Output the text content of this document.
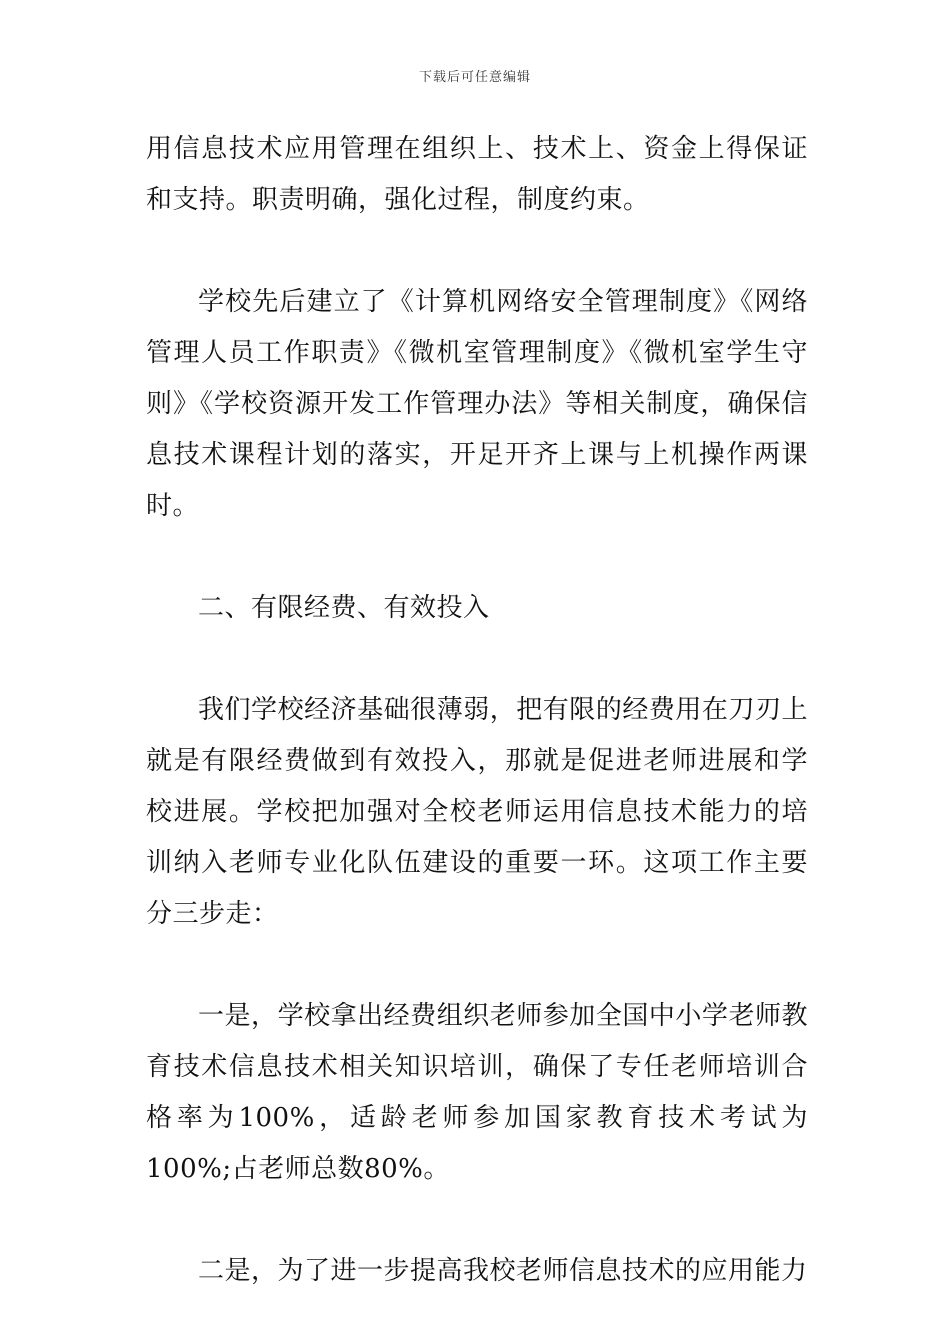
下载后可任意编辑

用信息技术应用管理在组织上、技术上、资金上得保证和支持。职责明确，强化过程，制度约束。

学校先后建立了《计算机网络安全管理制度》《网络管理人员工作职责》《微机室管理制度》《微机室学生守则》《学校资源开发工作管理办法》等相关制度，确保信息技术课程计划的落实，开足开齐上课与上机操作两课时。

二、有限经费、有效投入

我们学校经济基础很薄弱，把有限的经费用在刀刃上就是有限经费做到有效投入，那就是促进老师进展和学校进展。学校把加强对全校老师运用信息技术能力的培训纳入老师专业化队伍建设的重要一环。这项工作主要分三步走：

一是，学校拿出经费组织老师参加全国中小学老师教育技术信息技术相关知识培训，确保了专任老师培训合格率为100%，适龄老师参加国家教育技术考试为100%;占老师总数80%。

二是，为了进一步提高我校老师信息技术的应用能力
